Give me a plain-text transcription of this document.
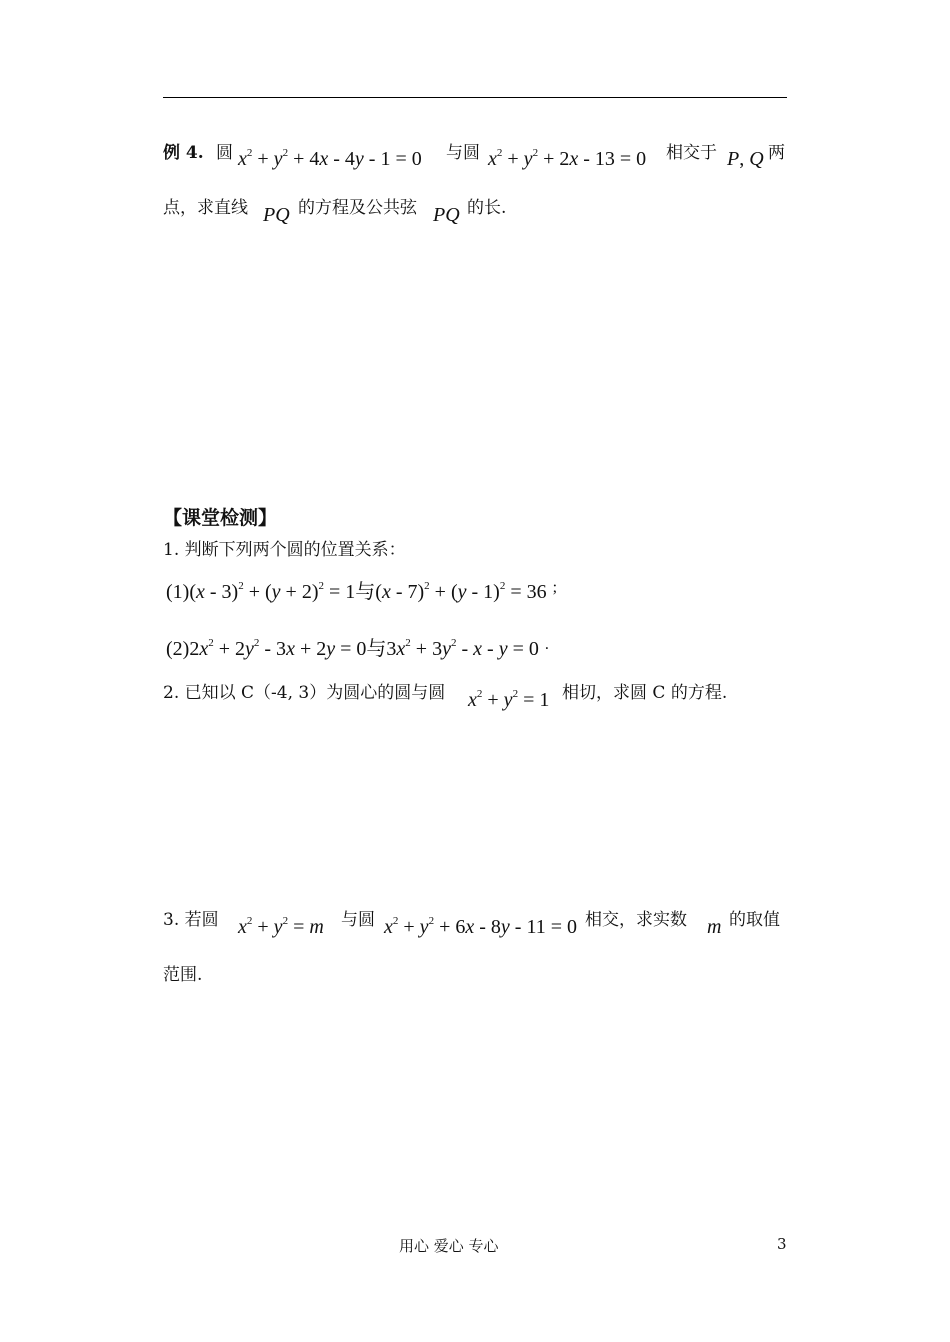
例 4. 圆 $x^2 + y^2 + 4x - 4y - 1 = 0$ 与圆 $x^2 + y^2 + 2x - 13 = 0$ 相交于 P, Q 两
点，求直线 PQ 的方程及公共弦 PQ 的长.
【课堂检测】
1. 判断下列两个圆的位置关系：
$(1)(x - 3)^2 + (y + 2)^2 = 1$与(x - 7)$^2$ + (y - 1)$^2$ = 36 ;
$(2)2x^2 + 2y^2 - 3x + 2y = 0$与$3x^2 + 3y^2 - x - y = 0$ .
2. 已知以 C（-4, 3）为圆心的圆与圆 $x^2 + y^2 = 1$ 相切，求圆 C 的方程.
3. 若圆 $x^2 + y^2 = m$ 与圆 $x^2 + y^2 + 6x - 8y - 11 = 0$ 相交，求实数 m 的取值
范围.
用心 爱心 专心	3
